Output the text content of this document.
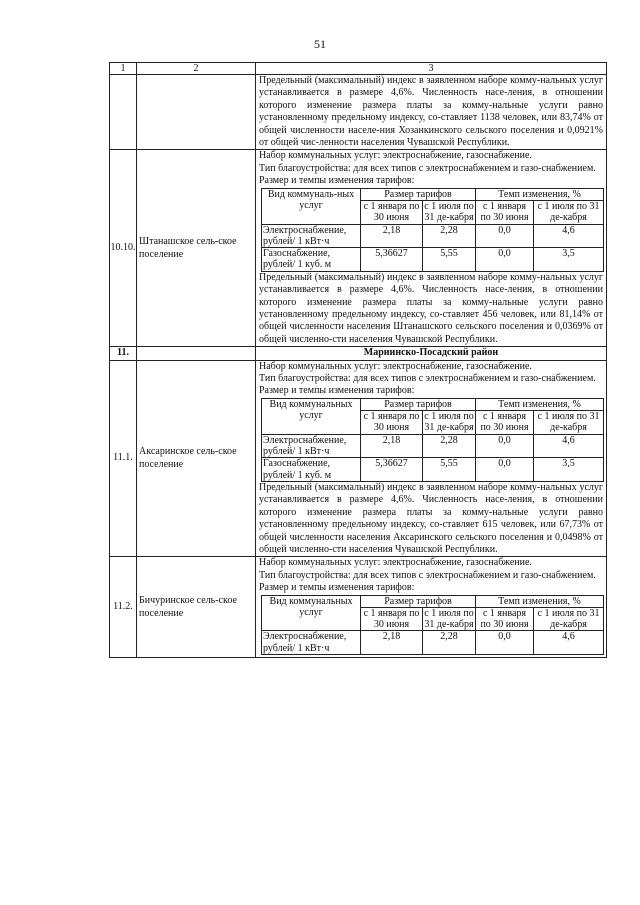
51
1	2	3

Предельный (максимальный) индекс в заявленном наборе комму-нальных услуг устанавливается в размере 4,6%. Численность насе-ления, в отношении которого изменение размера платы за комму-нальные услуги равно установленному предельному индексу, со-ставляет 1138 человек, или 83,74% от общей численности населе-ния Хозанкинского сельского поселения и 0,0921% от общей чис-ленности населения Чувашской Республики.

10.10.	Штанашское сель-ское поселение	
Набор коммунальных услуг: электроснабжение, газоснабжение.
Тип благоустройства: для всех типов с электроснабжением и газо-снабжением.
Размер и темпы изменения тарифов:
Вид коммуналь-ных услуг	Размер тарифов	Темп изменения, %
с 1 января по 30 июня	с 1 июля по 31 де-кабря	с 1 января по 30 июня	с 1 июля по 31 де-кабря
Электроснабжение, рублей/ 1 кВт·ч	2,18	2,28	0,0	4,6
Газоснабжение, рублей/ 1 куб. м	5,36627	5,55	0,0	3,5
Предельный (максимальный) индекс в заявленном наборе комму-нальных услуг устанавливается в размере 4,6%. Численность насе-ления, в отношении которого изменение размера платы за комму-нальные услуги равно установленному предельному индексу, со-ставляет 456 человек, или 81,14% от общей численности населения Штанашского сельского поселения и 0,0369% от общей численно-сти населения Чувашской Республики.

11.		Мариинско-Посадский район
11.1.	Аксаринское сель-ское поселение	
Набор коммунальных услуг: электроснабжение, газоснабжение.
Тип благоустройства: для всех типов с электроснабжением и газо-снабжением.
Размер и темпы изменения тарифов:
Вид коммунальных услуг	Размер тарифов	Темп изменения, %
с 1 января по 30 июня	с 1 июля по 31 де-кабря	с 1 января по 30 июня	с 1 июля по 31 де-кабря
Электроснабжение, рублей/ 1 кВт·ч	2,18	2,28	0,0	4,6
Газоснабжение, рублей/ 1 куб. м	5,36627	5,55	0,0	3,5
Предельный (максимальный) индекс в заявленном наборе комму-нальных услуг устанавливается в размере 4,6%. Численность насе-ления, в отношении которого изменение размера платы за комму-нальные услуги равно установленному предельному индексу, со-ставляет 615 человек, или 67,73% от общей численности населения Аксаринского сельского поселения и 0,0498% от общей численно-сти населения Чувашской Республики.

11.2.	Бичуринское сель-ское поселение	
Набор коммунальных услуг: электроснабжение, газоснабжение.
Тип благоустройства: для всех типов с электроснабжением и газо-снабжением.
Размер и темпы изменения тарифов:
Вид коммунальных услуг	Размер тарифов	Темп изменения, %
с 1 января по 30 июня	с 1 июля по 31 де-кабря	с 1 января по 30 июня	с 1 июля по 31 де-кабря
Электроснабжение, рублей/ 1 кВт·ч	2,18	2,28	0,0	4,6
